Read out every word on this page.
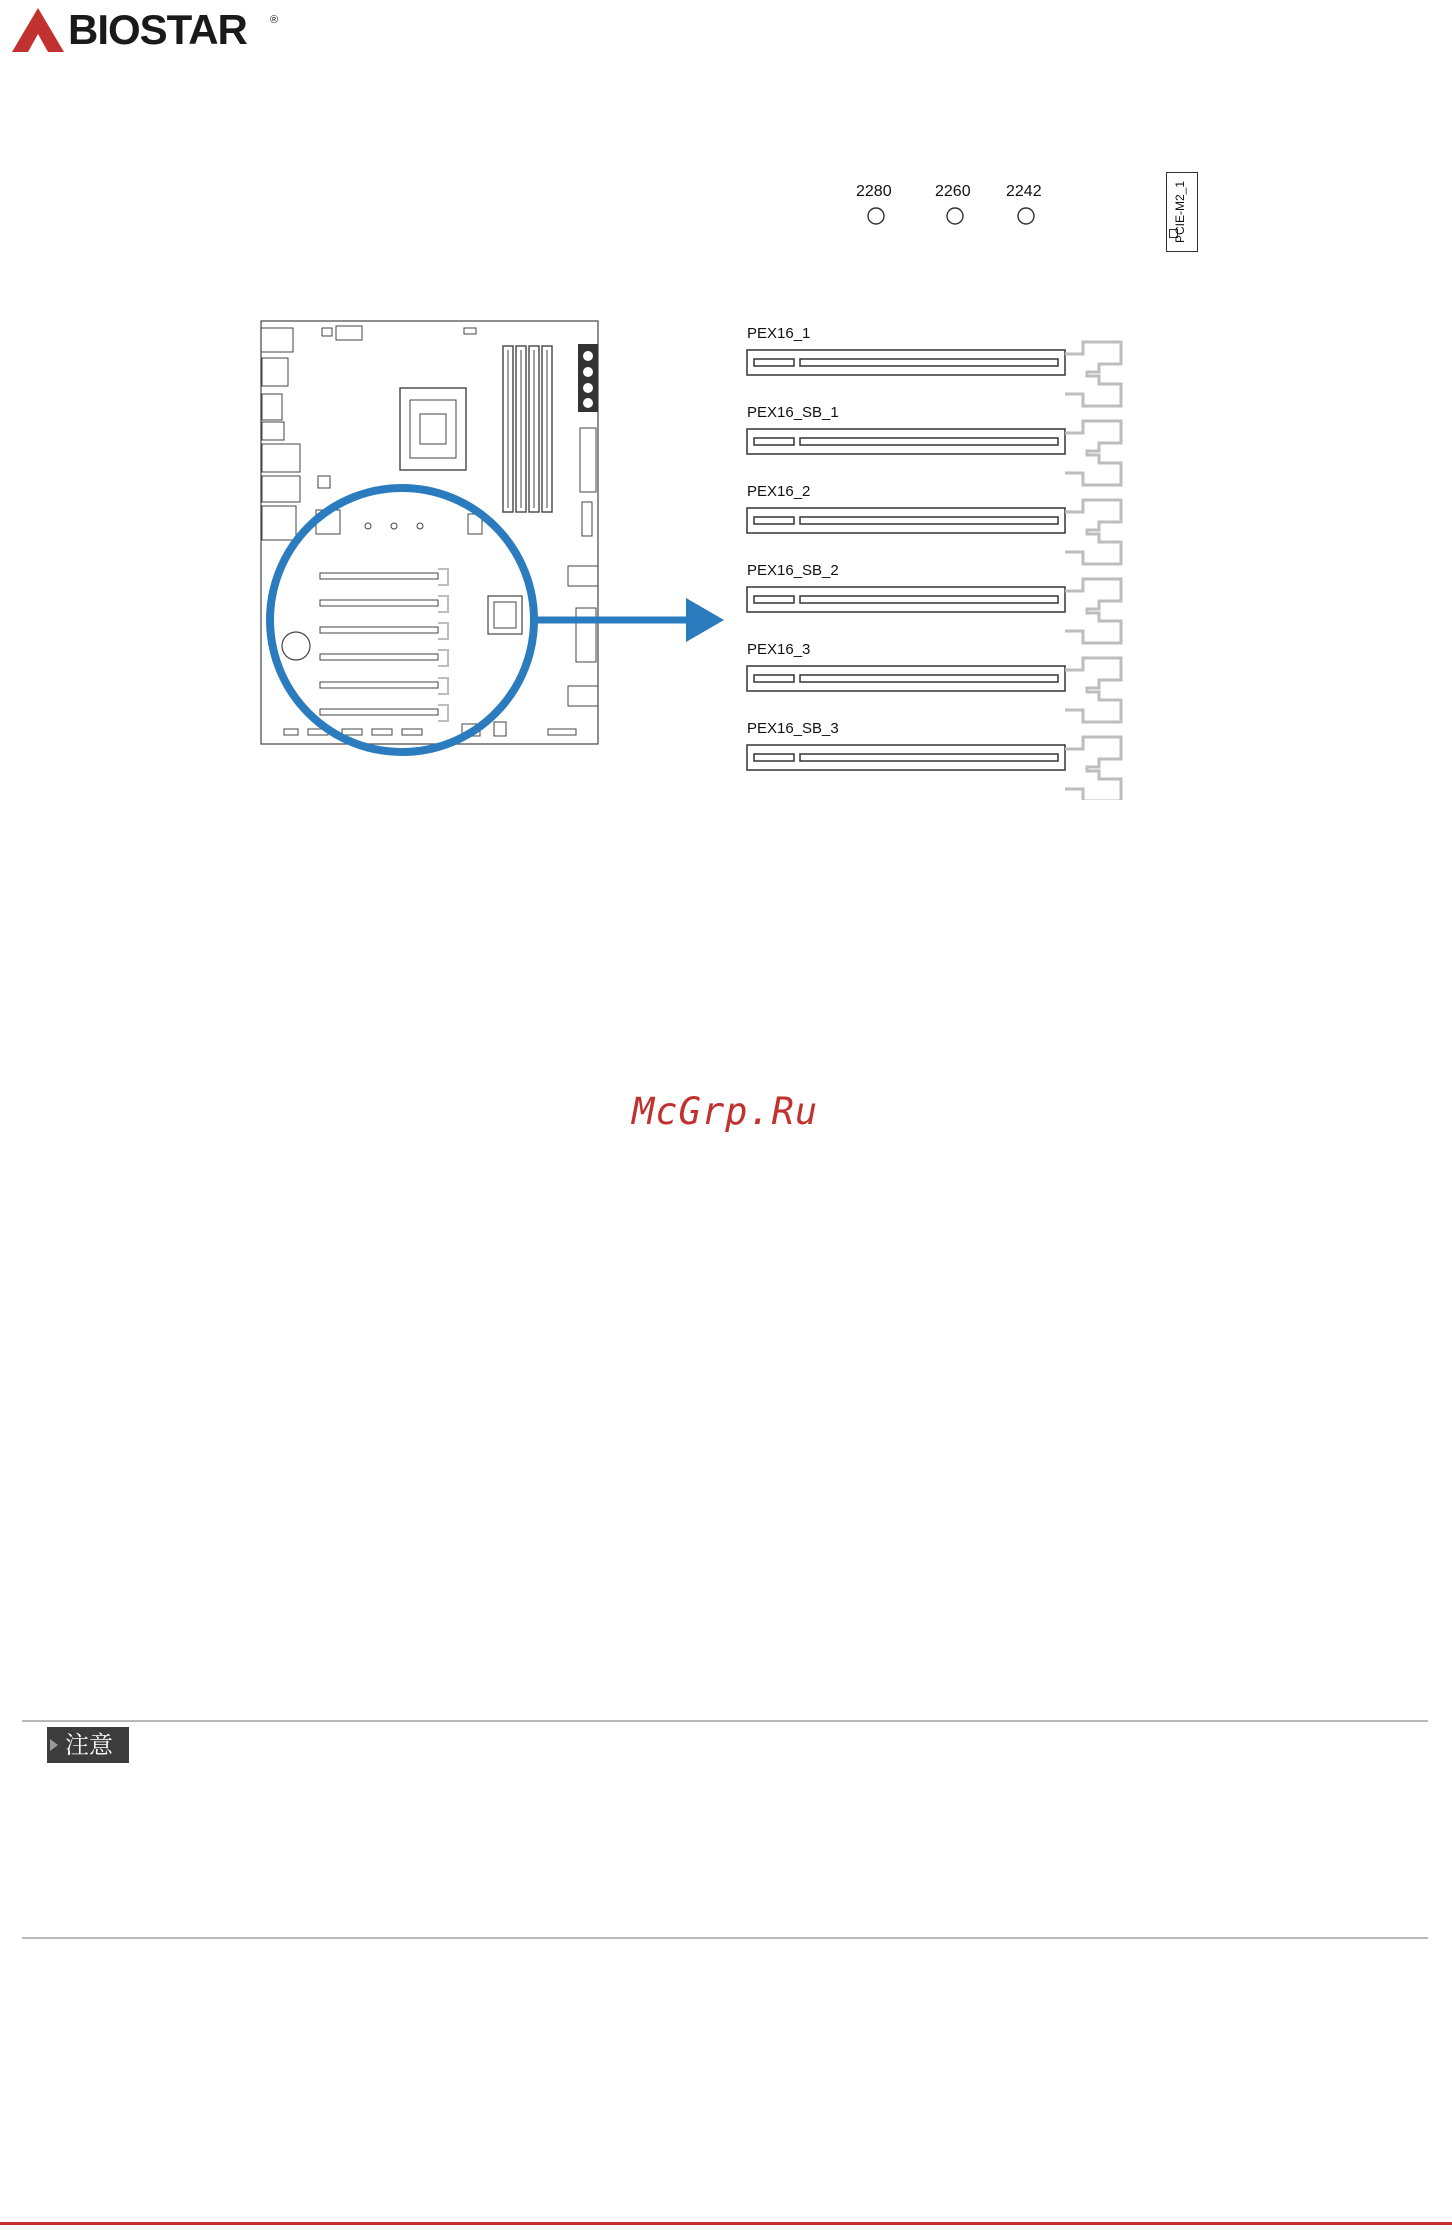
BIOSTAR ®
2280	2260 2242	PCIE-M2_1
PEX16_1
PEX16_SB_1
PEX16_2
PEX16_SB_2
PEX16_3
PEX16_SB_3
McGrp.Ru
注意
